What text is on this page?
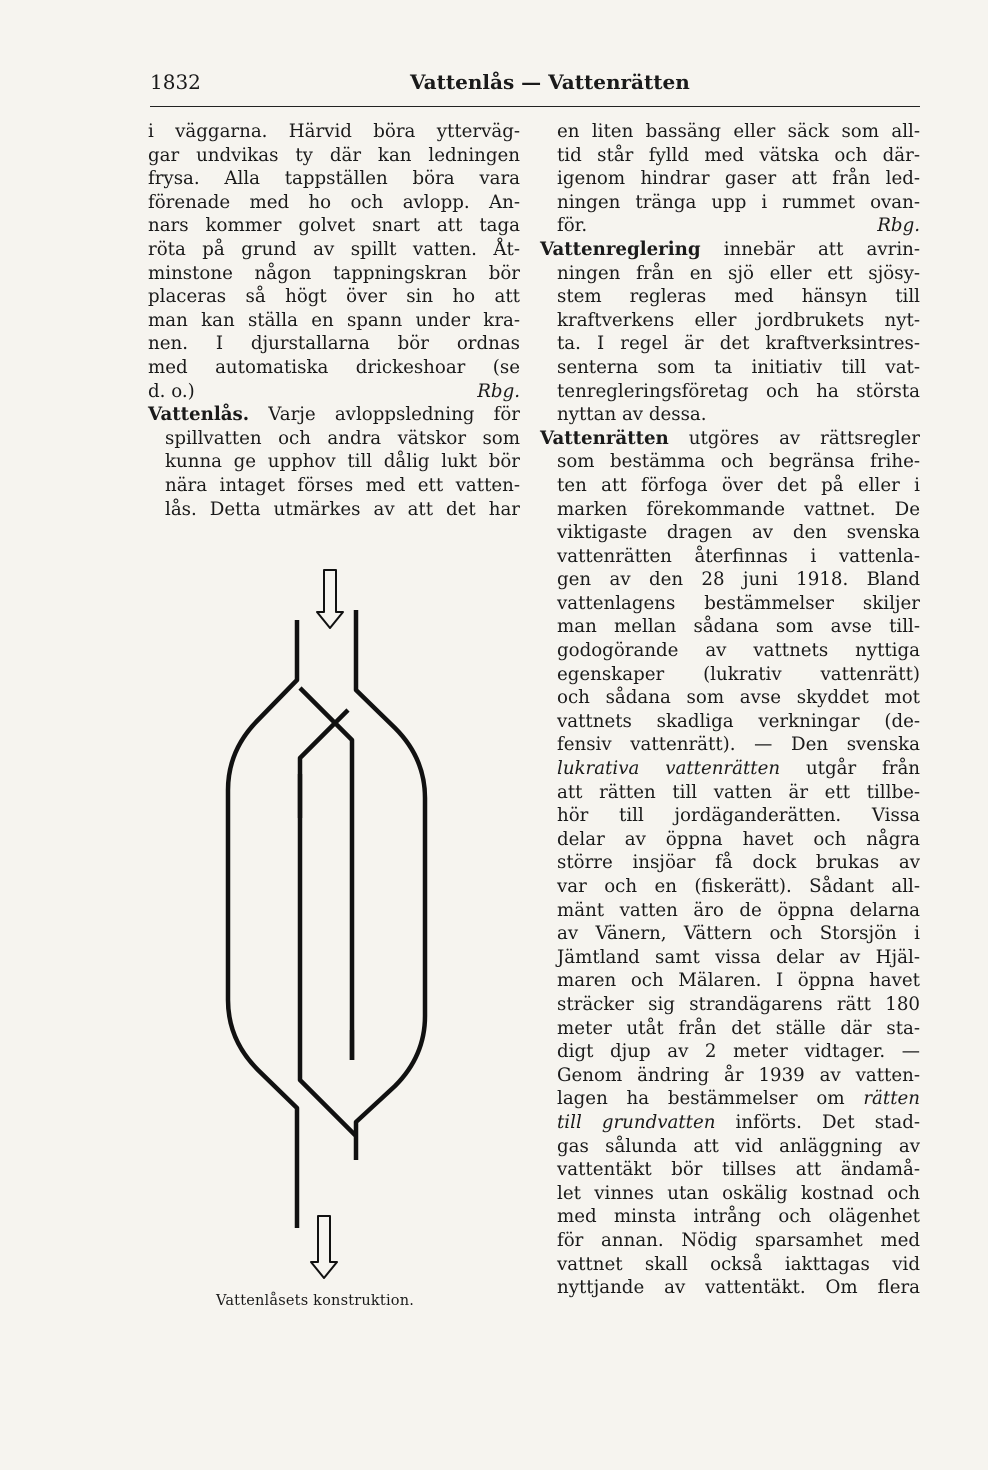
1832	Vattenlås — Vattenrätten

i väggarna. Härvid böra ytterväg-
gar undvikas ty där kan ledningen
frysa. Alla tappställen böra vara
förenade med ho och avlopp. An-
nars kommer golvet snart att taga
röta på grund av spillt vatten. Åt-
minstone någon tappningskran bör
placeras så högt över sin ho att
man kan ställa en spann under kra-
nen. I djurstallarna bör ordnas
med automatiska drickeshoar (se
d. o.)	Rbg.

Vattenlås. Varje avloppsledning för
spillvatten och andra vätskor som
kunna ge upphov till dålig lukt bör
nära intaget förses med ett vatten-
lås. Detta utmärkes av att det har

Vattenlåsets konstruktion.

en liten bassäng eller säck som all-
tid står fylld med vätska och där-
igenom hindrar gaser att från led-
ningen tränga upp i rummet ovan-
för.	Rbg.

Vattenreglering innebär att avrin-
ningen från en sjö eller ett sjösy-
stem regleras med hänsyn till
kraftverkens eller jordbrukets nyt-
ta. I regel är det kraftverksintres-
senterna som ta initiativ till vat-
tenregleringsföretag och ha största
nyttan av dessa.

Vattenrätten utgöres av rättsregler
som bestämma och begränsa frihe-
ten att förfoga över det på eller i
marken förekommande vattnet. De
viktigaste dragen av den svenska
vattenrätten återfinnas i vattenla-
gen av den 28 juni 1918. Bland
vattenlagens bestämmelser skiljer
man mellan sådana som avse till-
godogörande av vattnets nyttiga
egenskaper (lukrativ vattenrätt)
och sådana som avse skyddet mot
vattnets skadliga verkningar (de-
fensiv vattenrätt). — Den svenska
lukrativa vattenrätten utgår från
att rätten till vatten är ett tillbe-
hör till jordäganderätten. Vissa
delar av öppna havet och några
större insjöar få dock brukas av
var och en (fiskerätt). Sådant all-
mänt vatten äro de öppna delarna
av Vänern, Vättern och Storsjön i
Jämtland samt vissa delar av Hjäl-
maren och Mälaren. I öppna havet
sträcker sig strandägarens rätt 180
meter utåt från det ställe där sta-
digt djup av 2 meter vidtager. —
Genom ändring år 1939 av vatten-
lagen ha bestämmelser om rätten
till grundvatten införts. Det stad-
gas sålunda att vid anläggning av
vattentäkt bör tillses att ändamå-
let vinnes utan oskälig kostnad och
med minsta intrång och olägenhet
för annan. Nödig sparsamhet med
vattnet skall också iakttagas vid
nyttjande av vattentäkt. Om flera
